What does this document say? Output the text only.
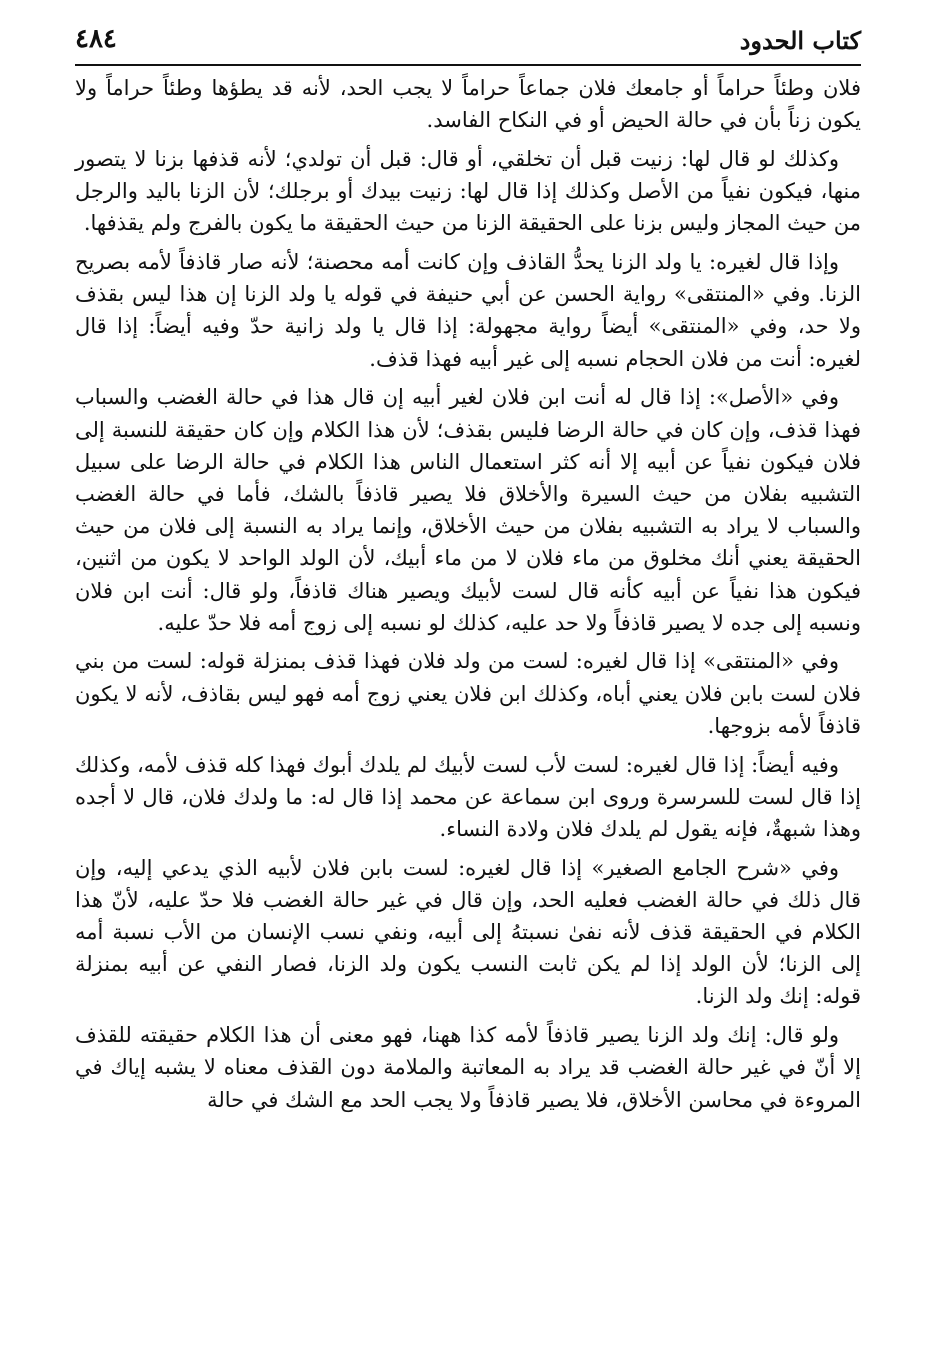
كتاب الحدود
٤٨٤

فلان وطئاً حراماً أو جامعك فلان جماعاً حراماً لا يجب الحد، لأنه قد يطؤها وطئاً حراماً ولا يكون زناً بأن في حالة الحيض أو في النكاح الفاسد.

وكذلك لو قال لها: زنيت قبل أن تخلقي، أو قال: قبل أن تولدي؛ لأنه قذفها بزنا لا يتصور منها، فيكون نفياً من الأصل وكذلك إذا قال لها: زنيت بيدك أو برجلك؛ لأن الزنا باليد والرجل من حيث المجاز وليس بزنا على الحقيقة الزنا من حيث الحقيقة ما يكون بالفرج ولم يقذفها.

وإذا قال لغيره: يا ولد الزنا يحدُّ القاذف وإن كانت أمه محصنة؛ لأنه صار قاذفاً لأمه بصريح الزنا. وفي «المنتقى» رواية الحسن عن أبي حنيفة في قوله يا ولد الزنا إن هذا ليس بقذف ولا حد، وفي «المنتقى» أيضاً رواية مجهولة: إذا قال يا ولد زانية حدّ وفيه أيضاً: إذا قال لغيره: أنت من فلان الحجام نسبه إلى غير أبيه فهذا قذف.

وفي «الأصل»: إذا قال له أنت ابن فلان لغير أبيه إن قال هذا في حالة الغضب والسباب فهذا قذف، وإن كان في حالة الرضا فليس بقذف؛ لأن هذا الكلام وإن كان حقيقة للنسبة إلى فلان فيكون نفياً عن أبيه إلا أنه كثر استعمال الناس هذا الكلام في حالة الرضا على سبيل التشبيه بفلان من حيث السيرة والأخلاق فلا يصير قاذفاً بالشك، فأما في حالة الغضب والسباب لا يراد به التشبيه بفلان من حيث الأخلاق، وإنما يراد به النسبة إلى فلان من حيث الحقيقة يعني أنك مخلوق من ماء فلان لا من ماء أبيك، لأن الولد الواحد لا يكون من اثنين، فيكون هذا نفياً عن أبيه كأنه قال لست لأبيك ويصير هناك قاذفاً، ولو قال: أنت ابن فلان ونسبه إلى جده لا يصير قاذفاً ولا حد عليه، كذلك لو نسبه إلى زوج أمه فلا حدّ عليه.

وفي «المنتقى» إذا قال لغيره: لست من ولد فلان فهذا قذف بمنزلة قوله: لست من بني فلان لست بابن فلان يعني أباه، وكذلك ابن فلان يعني زوج أمه فهو ليس بقاذف، لأنه لا يكون قاذفاً لأمه بزوجها.

وفيه أيضاً: إذا قال لغيره: لست لأب لست لأبيك لم يلدك أبوك فهذا كله قذف لأمه، وكذلك إذا قال لست للسرسرة وروى ابن سماعة عن محمد إذا قال له: ما ولدك فلان، قال لا أجده وهذا شبهةٌ، فإنه يقول لم يلدك فلان ولادة النساء.

وفي «شرح الجامع الصغير» إذا قال لغيره: لست بابن فلان لأبيه الذي يدعي إليه، وإن قال ذلك في حالة الغضب فعليه الحد، وإن قال في غير حالة الغضب فلا حدّ عليه، لأنّ هذا الكلام في الحقيقة قذف لأنه نفىٰ نسبتهُ إلى أبيه، ونفي نسب الإنسان من الأب نسبة أمه إلى الزنا؛ لأن الولد إذا لم يكن ثابت النسب يكون ولد الزنا، فصار النفي عن أبيه بمنزلة قوله: إنك ولد الزنا.

ولو قال: إنك ولد الزنا يصير قاذفاً لأمه كذا ههنا، فهو معنى أن هذا الكلام حقيقته للقذف إلا أنّ في غير حالة الغضب قد يراد به المعاتبة والملامة دون القذف معناه لا يشبه إياك في المروءة في محاسن الأخلاق، فلا يصير قاذفاً ولا يجب الحد مع الشك في حالة
